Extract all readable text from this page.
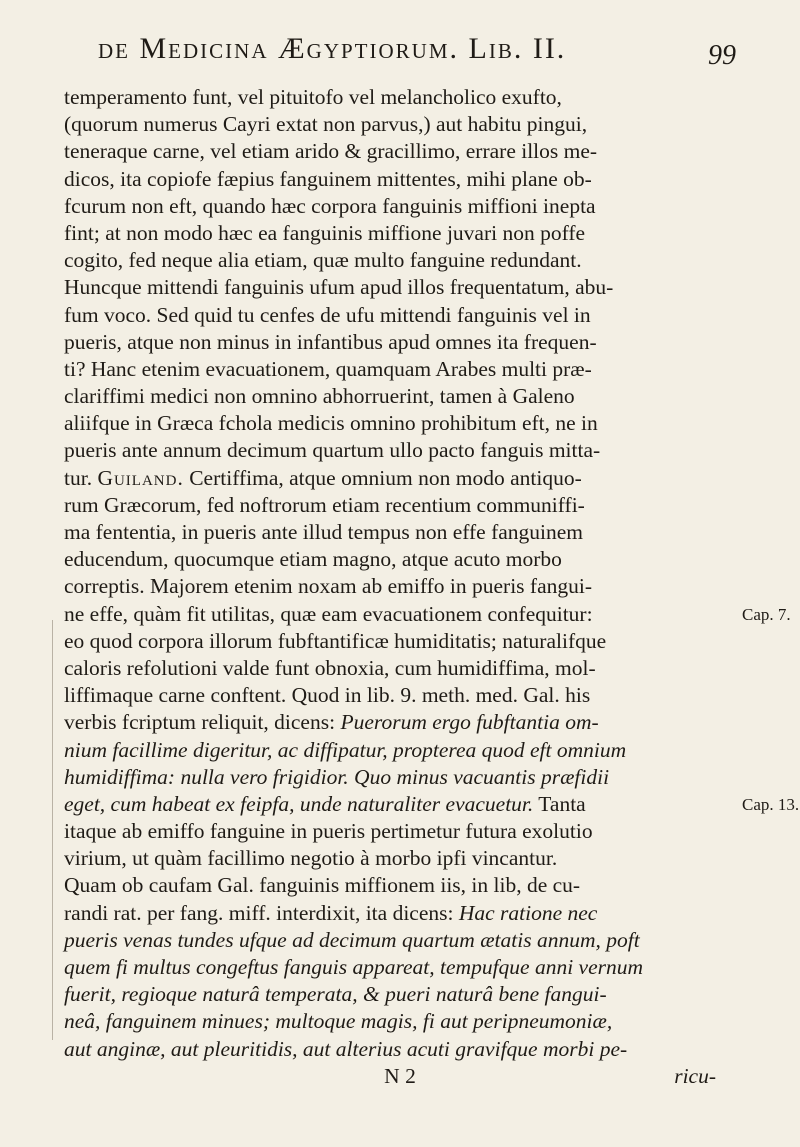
de Medicina Ægyptiorum. Lib. II.	99
temperamento funt, vel pituitofo vel melancholico exufto,
(quorum numerus Cayri extat non parvus,) aut habitu pingui,
teneraque carne, vel etiam arido & gracillimo, errare illos me-
dicos, ita copiofe fæpius fanguinem mittentes, mihi plane ob-
fcurum non eft, quando hæc corpora fanguinis miffioni inepta
fint; at non modo hæc ea fanguinis miffione juvari non poffe
cogito, fed neque alia etiam, quæ multo fanguine redundant.
Huncque mittendi fanguinis ufum apud illos frequentatum, abu-
fum voco. Sed quid tu cenfes de ufu mittendi fanguinis vel in
pueris, atque non minus in infantibus apud omnes ita frequen-
ti? Hanc etenim evacuationem, quamquam Arabes multi præ-
clariffimi medici non omnino abhorruerint, tamen à Galeno
aliifque in Græca fchola medicis omnino prohibitum eft, ne in
pueris ante annum decimum quartum ullo pacto fanguis mitta-
tur. Guiland. Certiffima, atque omnium non modo antiquo-
rum Græcorum, fed noftrorum etiam recentium communiffi-
ma fententia, in pueris ante illud tempus non effe fanguinem
educendum, quocumque etiam magno, atque acuto morbo
correptis. Majorem etenim noxam ab emiffo in pueris fangui-
ne effe, quàm fit utilitas, quæ eam evacuationem confequitur:
eo quod corpora illorum fubftantificæ humiditatis; naturalifque
caloris refolutioni valde funt obnoxia, cum humidiffima, mol-
liffimaque carne conftent. Quod in lib. 9. meth. med. Gal. his
verbis fcriptum reliquit, dicens: Puerorum ergo fubftantia om-
nium facillime digeritur, ac diffipatur, propterea quod eft omnium
humidiffima: nulla vero frigidior. Quo minus vacuantis præfidii
eget, cum habeat ex feipfa, unde naturaliter evacuetur. Tanta
itaque ab emiffo fanguine in pueris pertimetur futura exolutio
virium, ut quàm facillimo negotio à morbo ipfi vincantur.
Quam ob caufam Gal. fanguinis miffionem iis, in lib, de cu-
randi rat. per fang. miff. interdixit, ita dicens: Hac ratione nec
pueris venas tundes ufque ad decimum quartum ætatis annum, poft
quem fi multus congeftus fanguis appareat, tempufque anni vernum
fuerit, regioque naturâ temperata, & pueri naturâ bene fangui-
neâ, fanguinem minues; multoque magis, fi aut peripneumoniæ,
aut anginæ, aut pleuritidis, aut alterius acuti gravifque morbi pe-
N 2	ricu-
Cap. 7.
Cap. 13.
